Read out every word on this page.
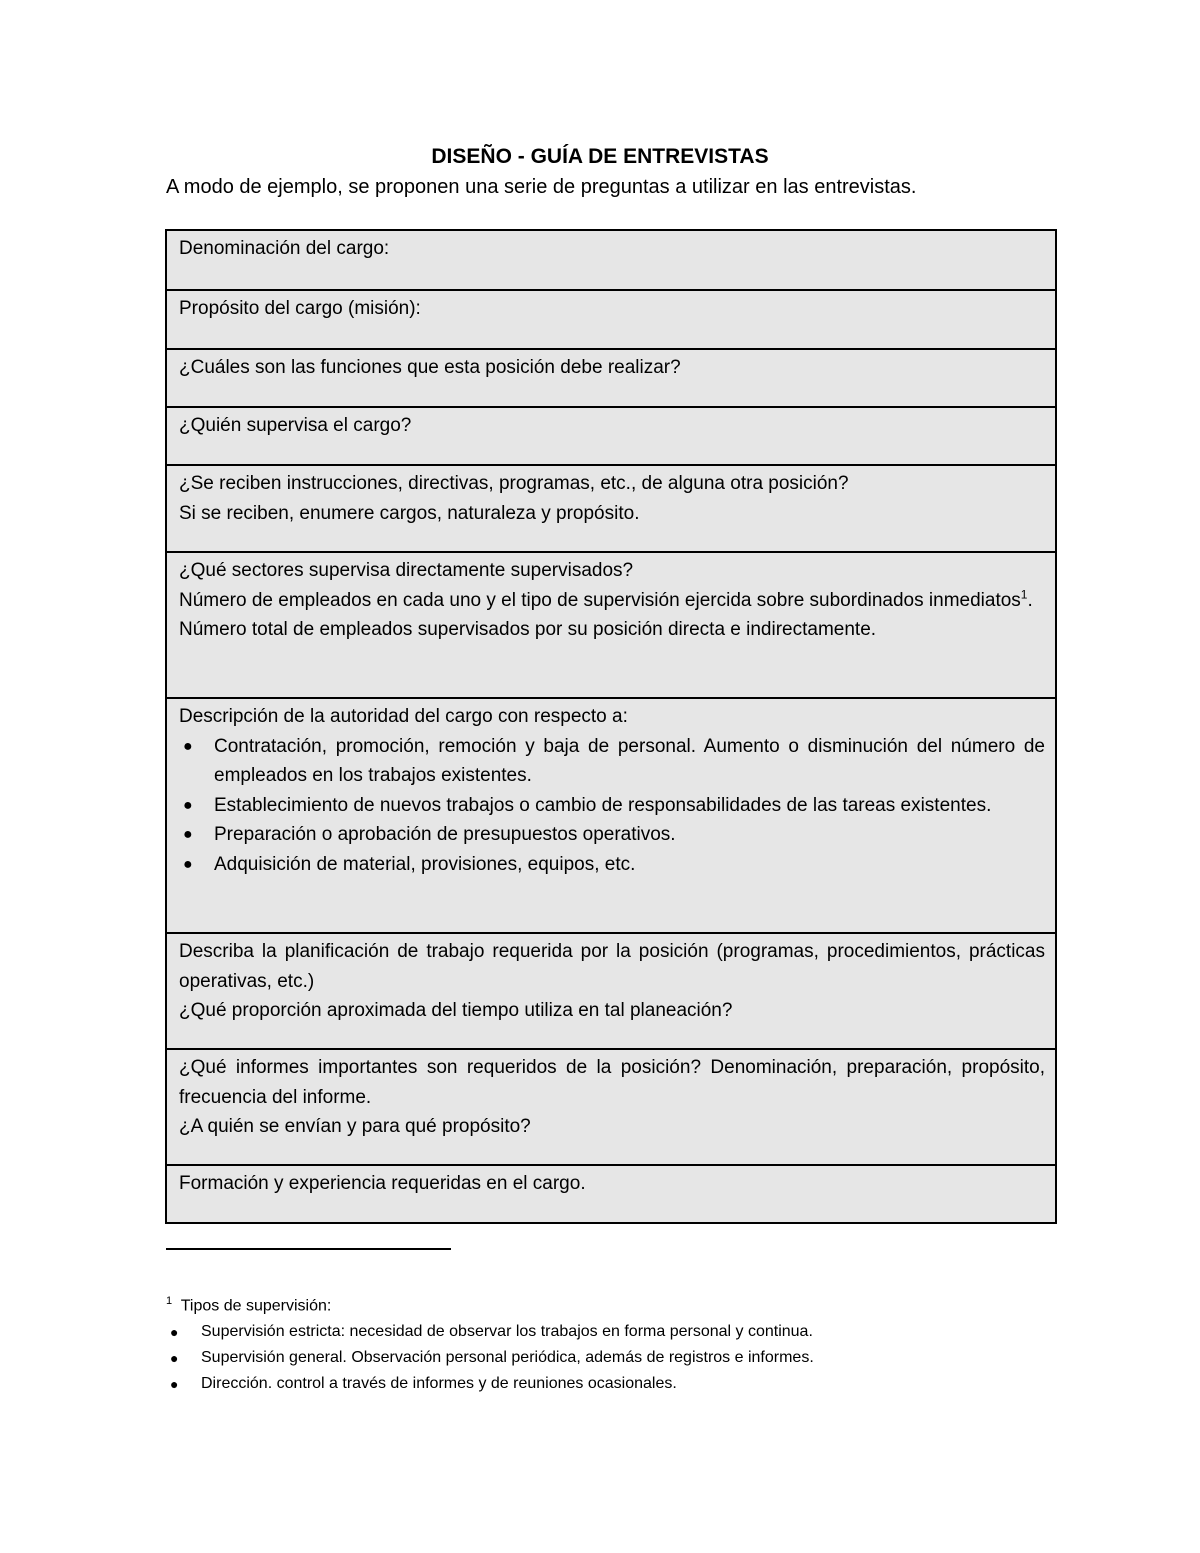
DISEÑO - GUÍA DE ENTREVISTAS
A modo de ejemplo, se proponen una serie de preguntas a utilizar en las entrevistas.
Denominación del cargo:
Propósito del cargo (misión):
¿Cuáles son las funciones que esta posición debe realizar?
¿Quién supervisa el cargo?
¿Se reciben instrucciones, directivas, programas, etc., de alguna otra posición?
Si se reciben, enumere cargos, naturaleza y propósito.
¿Qué sectores supervisa directamente supervisados?
Número de empleados en cada uno y el tipo de supervisión ejercida sobre subordinados inmediatos$^1$.
Número total de empleados supervisados por su posición directa e indirectamente.
Descripción de la autoridad del cargo con respecto a:
● Contratación, promoción, remoción y baja de personal. Aumento o disminución del número de empleados en los trabajos existentes.
● Establecimiento de nuevos trabajos o cambio de responsabilidades de las tareas existentes.
● Preparación o aprobación de presupuestos operativos.
● Adquisición de material, provisiones, equipos, etc.
Describa la planificación de trabajo requerida por la posición (programas, procedimientos, prácticas operativas, etc.)
¿Qué proporción aproximada del tiempo utiliza en tal planeación?
¿Qué informes importantes son requeridos de la posición? Denominación, preparación, propósito, frecuencia del informe.
¿A quién se envían y para qué propósito?
Formación y experiencia requeridas en el cargo.
$^1$ Tipos de supervisión:
● Supervisión estricta: necesidad de observar los trabajos en forma personal y continua.
● Supervisión general. Observación personal periódica, además de registros e informes.
● Dirección. control a través de informes y de reuniones ocasionales.
